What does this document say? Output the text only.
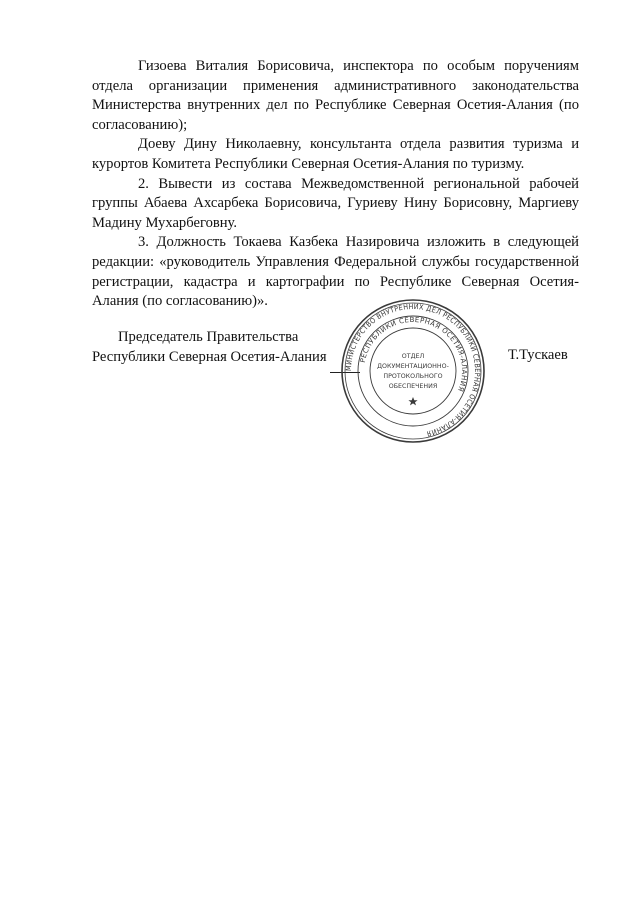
Гизоева Виталия Борисовича, инспектора по особым поручениям отдела организации применения административного законодательства Министерства внутренних дел по Республике Северная Осетия-Алания (по согласованию);

Доеву Дину Николаевну, консультанта отдела развития туризма и курортов Комитета Республики Северная Осетия-Алания по туризму.

2. Вывести из состава Межведомственной региональной рабочей группы Абаева Ахсарбека Борисовича, Гуриеву Нину Борисовну, Маргиеву Мадину Мухарбеговну.

3. Должность Токаева Казбека Назировича изложить в следующей редакции: «руководитель Управления Федеральной службы государственной регистрации, кадастра и картографии по Республике Северная Осетия-Алания (по согласованию)».

Председатель Правительства
Республики Северная Осетия-Алания	Т.Тускаев
МИНИСТЕРСТВО ВНУТРЕННИХ ДЕЛ РЕСПУБЛИКИ СЕВЕРНАЯ ОСЕТИЯ-АЛАНИЯ
РЕСПУБЛИКИ СЕВЕРНАЯ ОСЕТИЯ-АЛАНИЯ
ОТДЕЛ
ДОКУМЕНТАЦИОННО-
ПРОТОКОЛЬНОГО
ОБЕСПЕЧЕНИЯ
